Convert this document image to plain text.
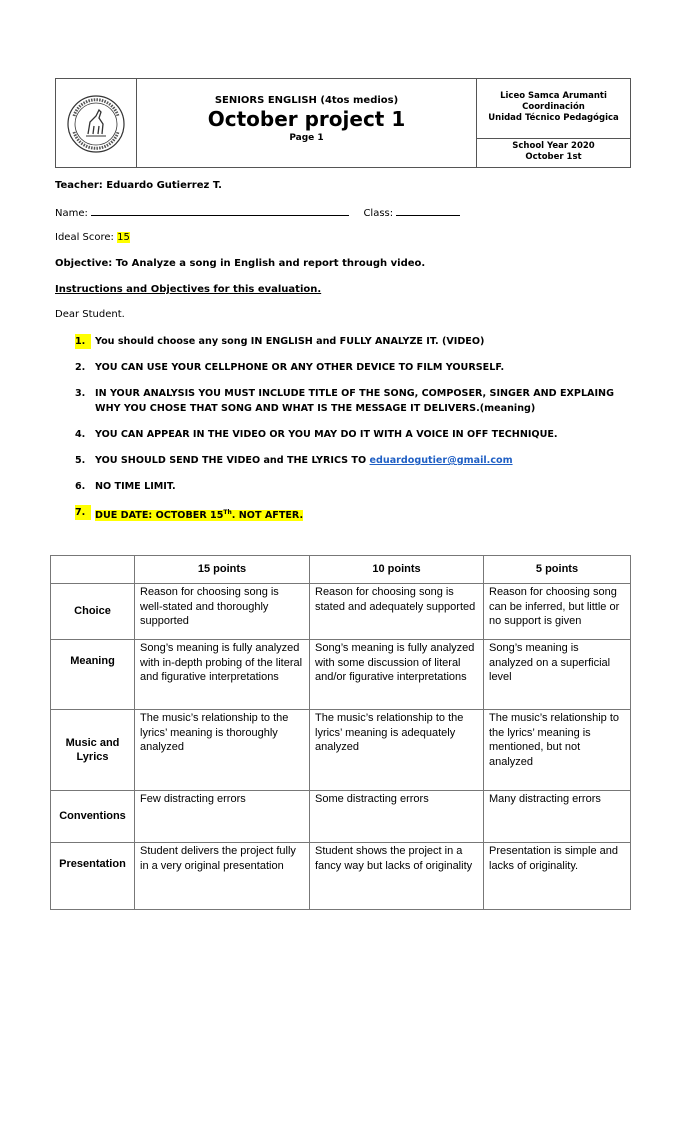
SENIORS ENGLISH (4tos medios)
October project 1
Page 1
Liceo Samca Arumanti
Coordinación
Unidad Técnico Pedagógica
School Year 2020
October 1st
Teacher: Eduardo Gutierrez T.
Name:	Class:
Ideal Score: 15
Objective: To Analyze a song in English and report through video.
Instructions and Objectives for this evaluation.
Dear Student.
1.	You should choose any song IN ENGLISH and FULLY ANALYZE IT. (VIDEO)
2.	YOU CAN USE YOUR CELLPHONE OR ANY OTHER DEVICE TO FILM YOURSELF.
3.	IN YOUR ANALYSIS YOU MUST INCLUDE TITLE OF THE SONG, COMPOSER, SINGER AND EXPLAING WHY YOU CHOSE THAT SONG AND WHAT IS THE MESSAGE IT DELIVERS.(meaning)
4.	YOU CAN APPEAR IN THE VIDEO OR YOU MAY DO IT WITH A VOICE IN OFF TECHNIQUE.
5.	YOU SHOULD SEND THE VIDEO and THE LYRICS TO eduardogutier@gmail.com
6.	NO TIME LIMIT.
7.	DUE DATE: OCTOBER 15Th. NOT AFTER.
	15 points	10 points	5 points
Choice	Reason for choosing song is well-stated and thoroughly supported	Reason for choosing song is stated and adequately supported	Reason for choosing song can be inferred, but little or no support is given
Meaning	Song’s meaning is fully analyzed with in-depth probing of the literal and figurative interpretations	Song’s meaning is fully analyzed with some discussion of literal and/or figurative interpretations	Song’s meaning is analyzed on a superficial level
Music and Lyrics	The music’s relationship to the lyrics’ meaning is thoroughly analyzed	The music’s relationship to the lyrics’ meaning is adequately analyzed	The music’s relationship to the lyrics’ meaning is mentioned, but not analyzed
Conventions	Few distracting errors	Some distracting errors	Many distracting errors
Presentation	Student delivers the project fully in a very original presentation	Student shows the project in a fancy way but lacks of originality	Presentation is simple and lacks of originality.
